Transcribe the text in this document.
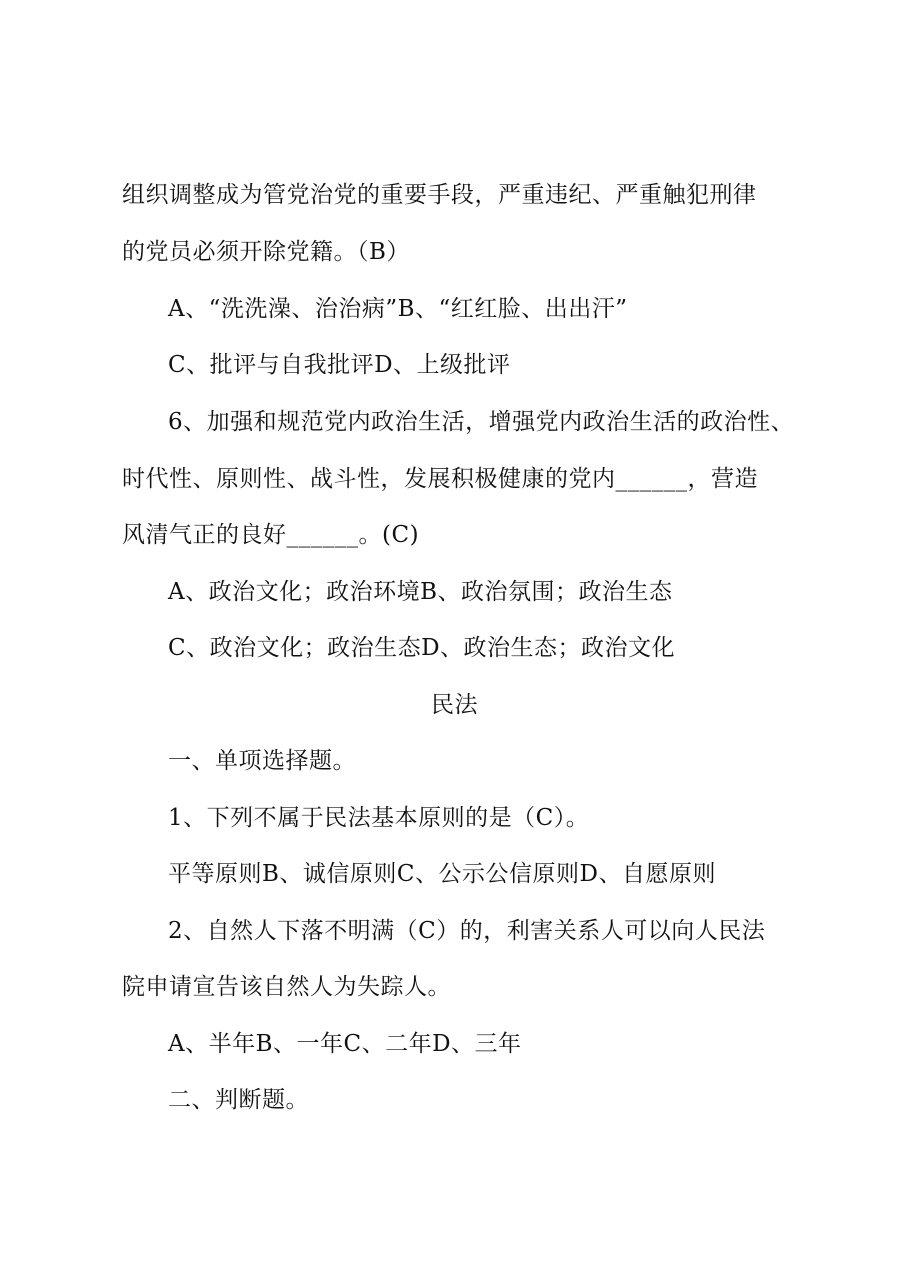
组织调整成为管党治党的重要手段，严重违纪、严重触犯刑律
的党员必须开除党籍。（B）
A、“洗洗澡、治治病”B、“红红脸、出出汗”
C、批评与自我批评D、上级批评
6、加强和规范党内政治生活，增强党内政治生活的政治性、
时代性、原则性、战斗性，发展积极健康的党内______，营造
风清气正的良好______。(C)
A、政治文化；政治环境B、政治氛围；政治生态
C、政治文化；政治生态D、政治生态；政治文化
民法
一、单项选择题。
1、下列不属于民法基本原则的是（C）。
平等原则B、诚信原则C、公示公信原则D、自愿原则
2、自然人下落不明满（C）的，利害关系人可以向人民法
院申请宣告该自然人为失踪人。
A、半年B、一年C、二年D、三年
二、判断题。
